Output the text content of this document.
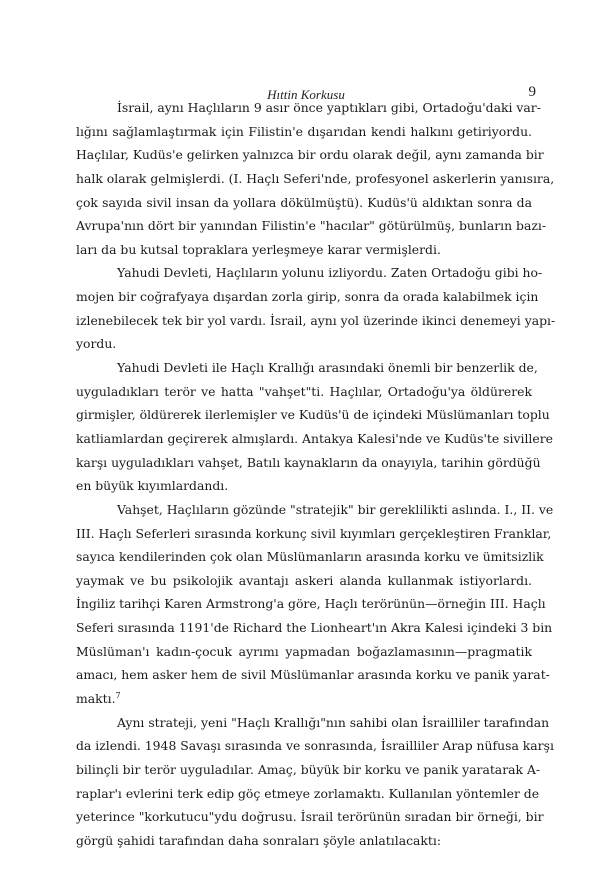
Hıttin Korkusu	9
İsrail, aynı Haçlıların 9 asır önce yaptıkları gibi, Ortadoğu'daki var-
lığını sağlamlaştırmak için Filistin'e dışarıdan kendi halkını getiriyordu.
Haçlılar, Kudüs'e gelirken yalnızca bir ordu olarak değil, aynı zamanda bir
halk olarak gelmişlerdi. (I. Haçlı Seferi'nde, profesyonel askerlerin yanısıra,
çok sayıda sivil insan da yollara dökülmüştü). Kudüs'ü aldıktan sonra da
Avrupa'nın dört bir yanından Filistin'e "hacılar" götürülmüş, bunların bazı-
ları da bu kutsal topraklara yerleşmeye karar vermişlerdi.
Yahudi Devleti, Haçlıların yolunu izliyordu. Zaten Ortadoğu gibi ho-
mojen bir coğrafyaya dışardan zorla girip, sonra da orada kalabilmek için
izlenebilecek tek bir yol vardı. İsrail, aynı yol üzerinde ikinci denemeyi yapı-
yordu.
Yahudi Devleti ile Haçlı Krallığı arasındaki önemli bir benzerlik de,
uyguladıkları terör ve hatta "vahşet"ti. Haçlılar, Ortadoğu'ya öldürerek
girmişler, öldürerek ilerlemişler ve Kudüs'ü de içindeki Müslümanları toplu
katliamlardan geçirerek almışlardı. Antakya Kalesi'nde ve Kudüs'te sivillere
karşı uyguladıkları vahşet, Batılı kaynakların da onayıyla, tarihin gördüğü
en büyük kıyımlardandı.
Vahşet, Haçlıların gözünde "stratejik" bir gereklilikti aslında. I., II. ve
III. Haçlı Seferleri sırasında korkunç sivil kıyımları gerçekleştiren Franklar,
sayıca kendilerinden çok olan Müslümanların arasında korku ve ümitsizlik
yaymak ve bu psikolojik avantajı askeri alanda kullanmak istiyorlardı.
İngiliz tarihçi Karen Armstrong'a göre, Haçlı terörünün—örneğin III. Haçlı
Seferi sırasında 1191'de Richard the Lionheart'ın Akra Kalesi içindeki 3 bin
Müslüman'ı kadın-çocuk ayrımı yapmadan boğazlamasının—pragmatik
amacı, hem asker hem de sivil Müslümanlar arasında korku ve panik yarat-
maktı.$^7$
Aynı strateji, yeni "Haçlı Krallığı"nın sahibi olan İsrailliler tarafından
da izlendi. 1948 Savaşı sırasında ve sonrasında, İsrailliler Arap nüfusa karşı
bilinçli bir terör uyguladılar. Amaç, büyük bir korku ve panik yaratarak A-
raplar'ı evlerini terk edip göç etmeye zorlamaktı. Kullanılan yöntemler de
yeterince "korkutucu"ydu doğrusu. İsrail terörünün sıradan bir örneği, bir
görgü şahidi tarafından daha sonraları şöyle anlatılacaktı:
